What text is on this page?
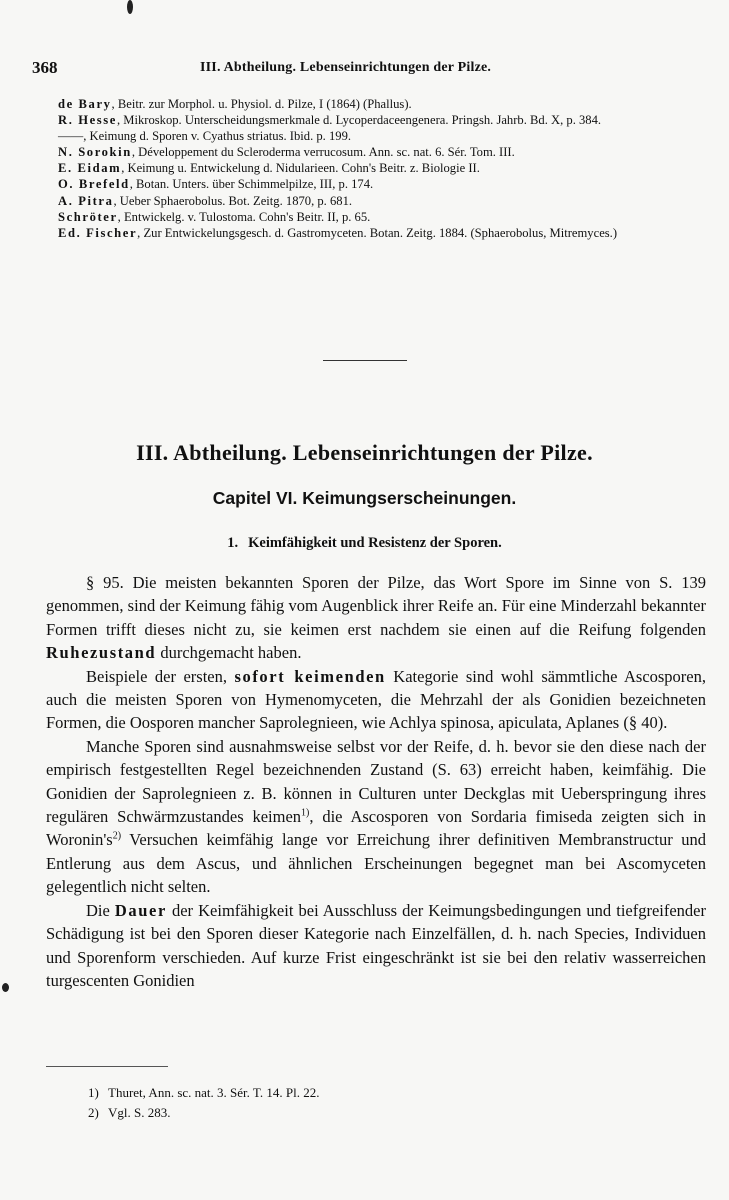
368	III. Abtheilung. Lebenseinrichtungen der Pilze.
de Bary, Beitr. zur Morphol. u. Physiol. d. Pilze, I (1864) (Phallus).
R. Hesse, Mikroskop. Unterscheidungsmerkmale d. Lycoperdaceengenera. Pringsh. Jahrb. Bd. X, p. 384.
——, Keimung d. Sporen v. Cyathus striatus. Ibid. p. 199.
N. Sorokin, Développement du Scleroderma verrucosum. Ann. sc. nat. 6. Sér. Tom. III.
E. Eidam, Keimung u. Entwickelung d. Nidularieen. Cohn's Beitr. z. Biologie II.
O. Brefeld, Botan. Unters. über Schimmelpilze, III, p. 174.
A. Pitra, Ueber Sphaerobolus. Bot. Zeitg. 1870, p. 681.
Schröter, Entwickelg. v. Tulostoma. Cohn's Beitr. II, p. 65.
Ed. Fischer, Zur Entwickelungsgesch. d. Gastromyceten. Botan. Zeitg. 1884. (Sphaerobolus, Mitremyces.)
III. Abtheilung. Lebenseinrichtungen der Pilze.
Capitel VI. Keimungserscheinungen.
1. Keimfähigkeit und Resistenz der Sporen.

§ 95. Die meisten bekannten Sporen der Pilze, das Wort Spore im Sinne von S. 139 genommen, sind der Keimung fähig vom Augenblick ihrer Reife an. Für eine Minderzahl bekannter Formen trifft dieses nicht zu, sie keimen erst nachdem sie einen auf die Reifung folgenden Ruhezustand durchgemacht haben.

Beispiele der ersten, sofort keimenden Kategorie sind wohl sämmtliche Ascosporen, auch die meisten Sporen von Hymenomyceten, die Mehrzahl der als Gonidien bezeichneten Formen, die Oosporen mancher Saprolegnieen, wie Achlya spinosa, apiculata, Aplanes (§ 40).

Manche Sporen sind ausnahmsweise selbst vor der Reife, d. h. bevor sie den diese nach der empirisch festgestellten Regel bezeichnenden Zustand (S. 63) erreicht haben, keimfähig. Die Gonidien der Saprolegnieen z. B. können in Culturen unter Deckglas mit Ueberspringung ihres regulären Schwärmzustandes keimen$^{1)}$, die Ascosporen von Sordaria fimiseda zeigten sich in $Woronin's^{2)}$ Versuchen keimfähig lange vor Erreichung ihrer definitiven Membranstructur und Entlerung aus dem Ascus, und ähnlichen Erscheinungen begegnet man bei Ascomyceten gelegentlich nicht selten.

Die Dauer der Keimfähigkeit bei Ausschluss der Keimungsbedingungen und tiefgreifender Schädigung ist bei den Sporen dieser Kategorie nach Einzelfällen, d. h. nach Species, Individuen und Sporenform verschieden. Auf kurze Frist eingeschränkt ist sie bei den relativ wasserreichen turgescenten Gonidien

1) Thuret, Ann. sc. nat. 3. Sér. T. 14. Pl. 22.
2) Vgl. S. 283.
